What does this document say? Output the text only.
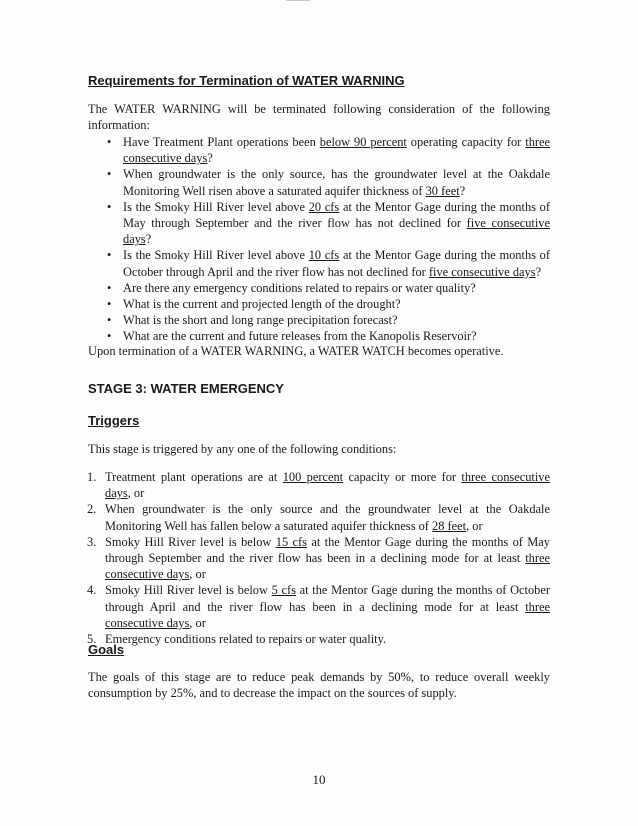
Requirements for Termination of WATER WARNING
The WATER WARNING will be terminated following consideration of the following information:
• Have Treatment Plant operations been below 90 percent operating capacity for three consecutive days?
• When groundwater is the only source, has the groundwater level at the Oakdale Monitoring Well risen above a saturated aquifer thickness of 30 feet?
• Is the Smoky Hill River level above 20 cfs at the Mentor Gage during the months of May through September and the river flow has not declined for five consecutive days?
• Is the Smoky Hill River level above 10 cfs at the Mentor Gage during the months of October through April and the river flow has not declined for five consecutive days?
• Are there any emergency conditions related to repairs or water quality?
• What is the current and projected length of the drought?
• What is the short and long range precipitation forecast?
• What are the current and future releases from the Kanopolis Reservoir?
Upon termination of a WATER WARNING, a WATER WATCH becomes operative.
STAGE 3: WATER EMERGENCY
Triggers
This stage is triggered by any one of the following conditions:
1. Treatment plant operations are at 100 percent capacity or more for three consecutive days, or
2. When groundwater is the only source and the groundwater level at the Oakdale Monitoring Well has fallen below a saturated aquifer thickness of 28 feet, or
3. Smoky Hill River level is below 15 cfs at the Mentor Gage during the months of May through September and the river flow has been in a declining mode for at least three consecutive days, or
4. Smoky Hill River level is below 5 cfs at the Mentor Gage during the months of October through April and the river flow has been in a declining mode for at least three consecutive days, or
5. Emergency conditions related to repairs or water quality.
Goals
The goals of this stage are to reduce peak demands by 50%, to reduce overall weekly consumption by 25%, and to decrease the impact on the sources of supply.
10
